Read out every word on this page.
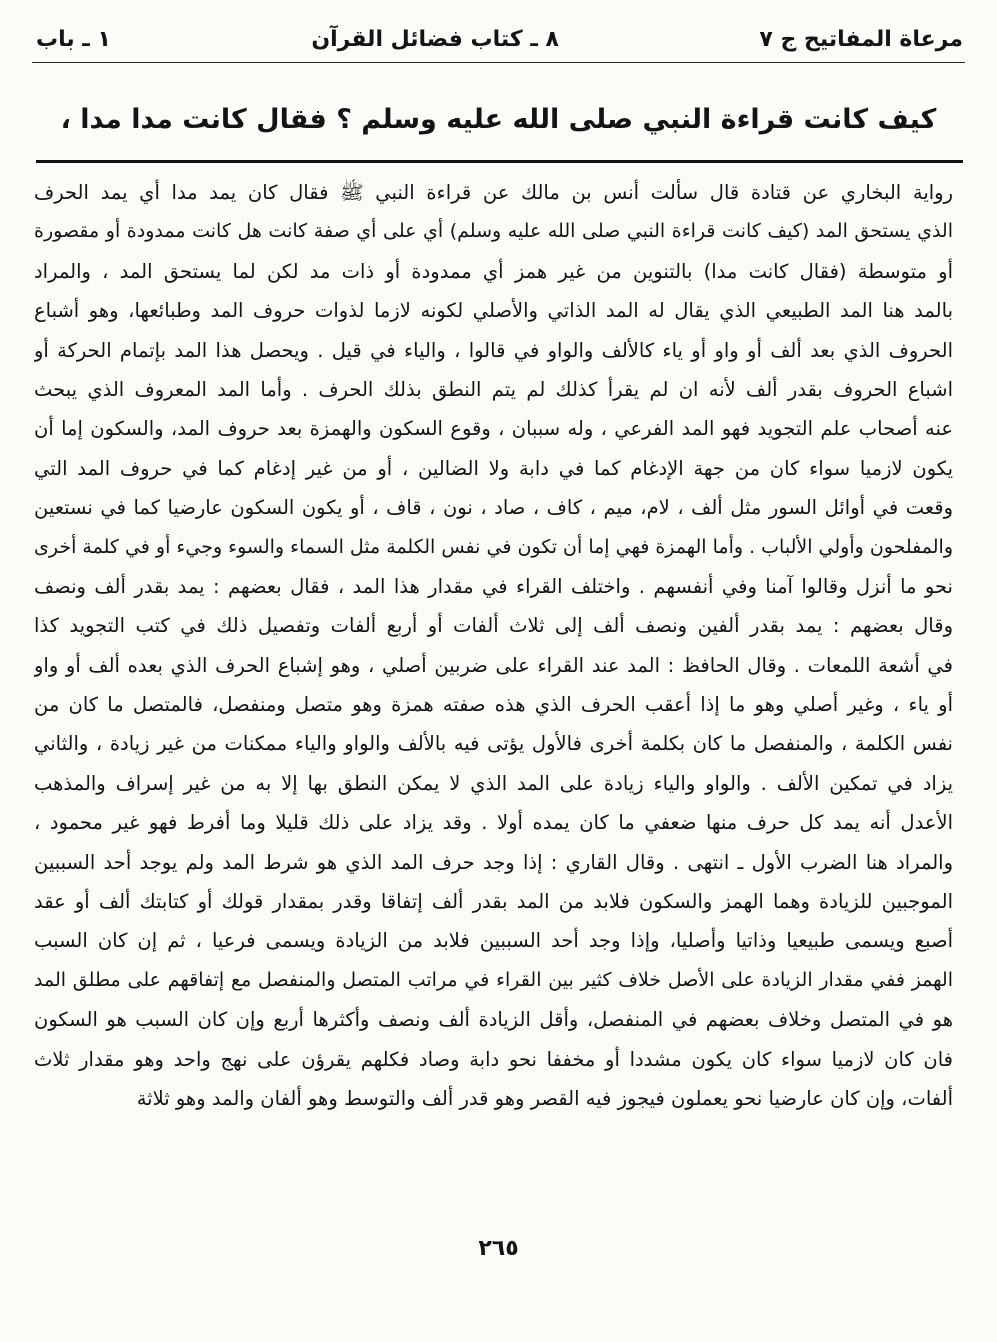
مرعاة المفاتيح ج ٧
٨ ـ كتاب فضائل القرآن
١ ـ باب
كيف كانت قراءة النبي صلى الله عليه وسلم ؟ فقال كانت مدا مدا ،
رواية البخاري عن قتادة قال سألت أنس بن مالك عن قراءة النبي ﷺ فقال كان يمد مدا أي يمد الحرف
الذي يستحق المد (كيف كانت قراءة النبي صلى الله عليه وسلم) أي على أي صفة كانت هل كانت ممدودة أو مقصورة
أو متوسطة (فقال كانت مدا) بالتنوين من غير همز أي ممدودة أو ذات مد لكن لما يستحق المد ، والمراد
بالمد هنا المد الطبيعي الذي يقال له المد الذاتي والأصلي لكونه لازما لذوات حروف المد وطبائعها، وهو أشباع
الحروف الذي بعد ألف أو واو أو ياء كالألف والواو في قالوا ، والياء في قيل . ويحصل هذا المد بإتمام الحركة أو
اشباع الحروف بقدر ألف لأنه ان لم يقرأ كذلك لم يتم النطق بذلك الحرف . وأما المد المعروف الذي يبحث
عنه أصحاب علم التجويد فهو المد الفرعي ، وله سببان ، وقوع السكون والهمزة بعد حروف المد، والسكون إما أن
يكون لازميا سواء كان من جهة الإدغام كما في دابة ولا الضالين ، أو من غير إدغام كما في حروف المد التي
وقعت في أوائل السور مثل ألف ، لام، ميم ، كاف ، صاد ، نون ، قاف ، أو يكون السكون عارضيا كما في نستعين
والمفلحون وأولي الألباب . وأما الهمزة فهي إما أن تكون في نفس الكلمة مثل السماء والسوء وجيء أو في كلمة أخرى
نحو ما أنزل وقالوا آمنا وفي أنفسهم . واختلف القراء في مقدار هذا المد ، فقال بعضهم : يمد بقدر ألف ونصف
وقال بعضهم : يمد بقدر ألفين ونصف ألف إلى ثلاث ألفات أو أربع ألفات وتفصيل ذلك في كتب التجويد كذا
في أشعة اللمعات . وقال الحافظ : المد عند القراء على ضربين أصلي ، وهو إشباع الحرف الذي بعده ألف أو واو
أو ياء ، وغير أصلي وهو ما إذا أعقب الحرف الذي هذه صفته همزة وهو متصل ومنفصل، فالمتصل ما كان من
نفس الكلمة ، والمنفصل ما كان بكلمة أخرى فالأول يؤتى فيه بالألف والواو والياء ممكنات من غير زيادة ، والثاني
يزاد في تمكين الألف . والواو والياء زيادة على المد الذي لا يمكن النطق بها إلا به من غير إسراف والمذهب
الأعدل أنه يمد كل حرف منها ضعفي ما كان يمده أولا . وقد يزاد على ذلك قليلا وما أفرط فهو غير محمود ،
والمراد هنا الضرب الأول ـ انتهى . وقال القاري : إذا وجد حرف المد الذي هو شرط المد ولم يوجد أحد السببين
الموجبين للزيادة وهما الهمز والسكون فلابد من المد بقدر ألف إتفاقا وقدر بمقدار قولك أو كتابتك ألف أو عقد
أصبع ويسمى طبيعيا وذاتيا وأصليا، وإذا وجد أحد السببين فلابد من الزيادة ويسمى فرعيا ، ثم إن كان السبب
الهمز ففي مقدار الزيادة على الأصل خلاف كثير بين القراء في مراتب المتصل والمنفصل مع إتفاقهم على مطلق المد
هو في المتصل وخلاف بعضهم في المنفصل، وأقل الزيادة ألف ونصف وأكثرها أربع وإن كان السبب هو السكون
فان كان لازميا سواء كان يكون مشددا أو مخففا نحو دابة وصاد فكلهم يقرؤن على نهج واحد وهو مقدار ثلاث
ألفات، وإن كان عارضيا نحو يعملون فيجوز فيه القصر وهو قدر ألف والتوسط وهو ألفان والمد وهو ثلاثة
٢٦٥
